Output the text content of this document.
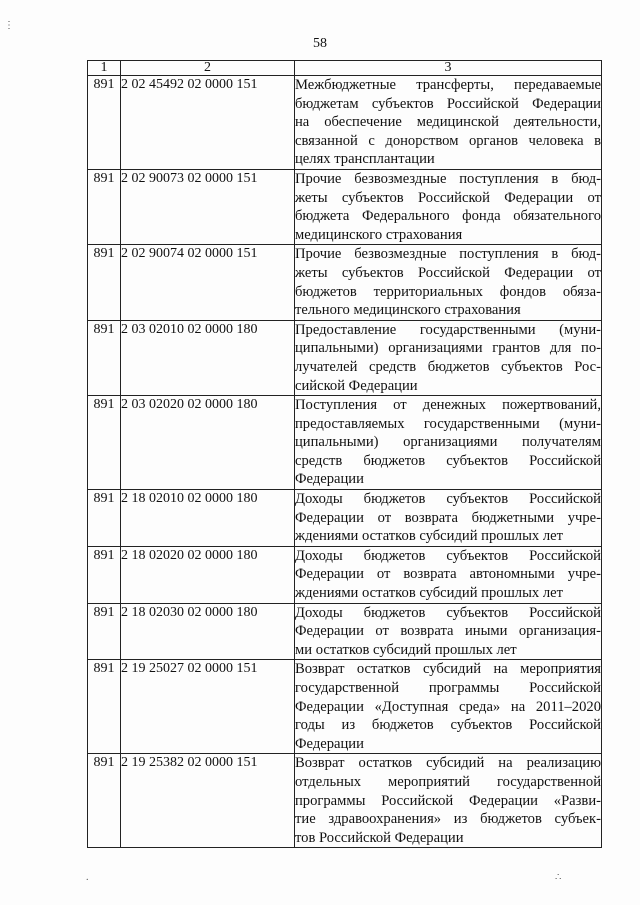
58
1	2	3
891	2 02 45492 02 0000 151	Межбюджетные трансферты, передаваемые
бюджетам субъектов Российской Федерации
на обеспечение медицинской деятельности,
связанной с донорством органов человека в
целях трансплантации

891	2 02 90073 02 0000 151	Прочие безвозмездные поступления в бюд-
жеты субъектов Российской Федерации от
бюджета Федерального фонда обязательного
медицинского страхования

891	2 02 90074 02 0000 151	Прочие безвозмездные поступления в бюд-
жеты субъектов Российской Федерации от
бюджетов территориальных фондов обяза-
тельного медицинского страхования

891	2 03 02010 02 0000 180	Предоставление государственными (муни-
ципальными) организациями грантов для по-
лучателей средств бюджетов субъектов Рос-
сийской Федерации

891	2 03 02020 02 0000 180	Поступления от денежных пожертвований,
предоставляемых государственными (муни-
ципальными) организациями получателям
средств бюджетов субъектов Российской
Федерации

891	2 18 02010 02 0000 180	Доходы бюджетов субъектов Российской
Федерации от возврата бюджетными учре-
ждениями остатков субсидий прошлых лет

891	2 18 02020 02 0000 180	Доходы бюджетов субъектов Российской
Федерации от возврата автономными учре-
ждениями остатков субсидий прошлых лет

891	2 18 02030 02 0000 180	Доходы бюджетов субъектов Российской
Федерации от возврата иными организация-
ми остатков субсидий прошлых лет

891	2 19 25027 02 0000 151	Возврат остатков субсидий на мероприятия
государственной программы Российской
Федерации «Доступная среда» на 2011–2020
годы из бюджетов субъектов Российской
Федерации

891	2 19 25382 02 0000 151	Возврат остатков субсидий на реализацию
отдельных мероприятий государственной
программы Российской Федерации «Разви-
тие здравоохранения» из бюджетов субъек-
тов Российской Федерации
⋮
.	∴
